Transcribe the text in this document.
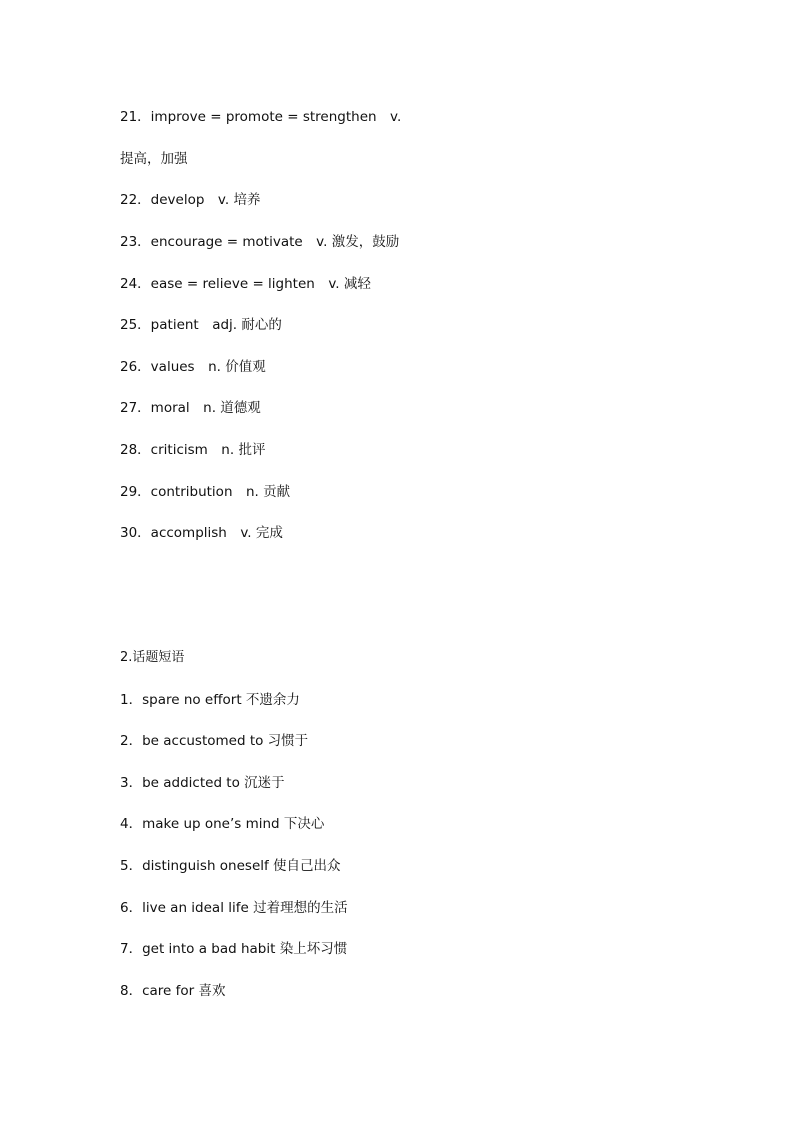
21．improve = promote = strengthen　v.
提高，加强
22．develop　v. 培养
23．encourage = motivate　v. 激发，鼓励
24．ease = relieve = lighten　v. 减轻
25．patient　adj. 耐心的
26．values　n. 价值观
27．moral　n. 道德观
28．criticism　n. 批评
29．contribution　n. 贡献
30．accomplish　v. 完成
2.话题短语
1．spare no effort 不遗余力
2．be accustomed to 习惯于
3．be addicted to 沉迷于
4．make up one’s mind 下决心
5．distinguish oneself 使自己出众
6．live an ideal life 过着理想的生活
7．get into a bad habit 染上坏习惯
8．care for 喜欢
